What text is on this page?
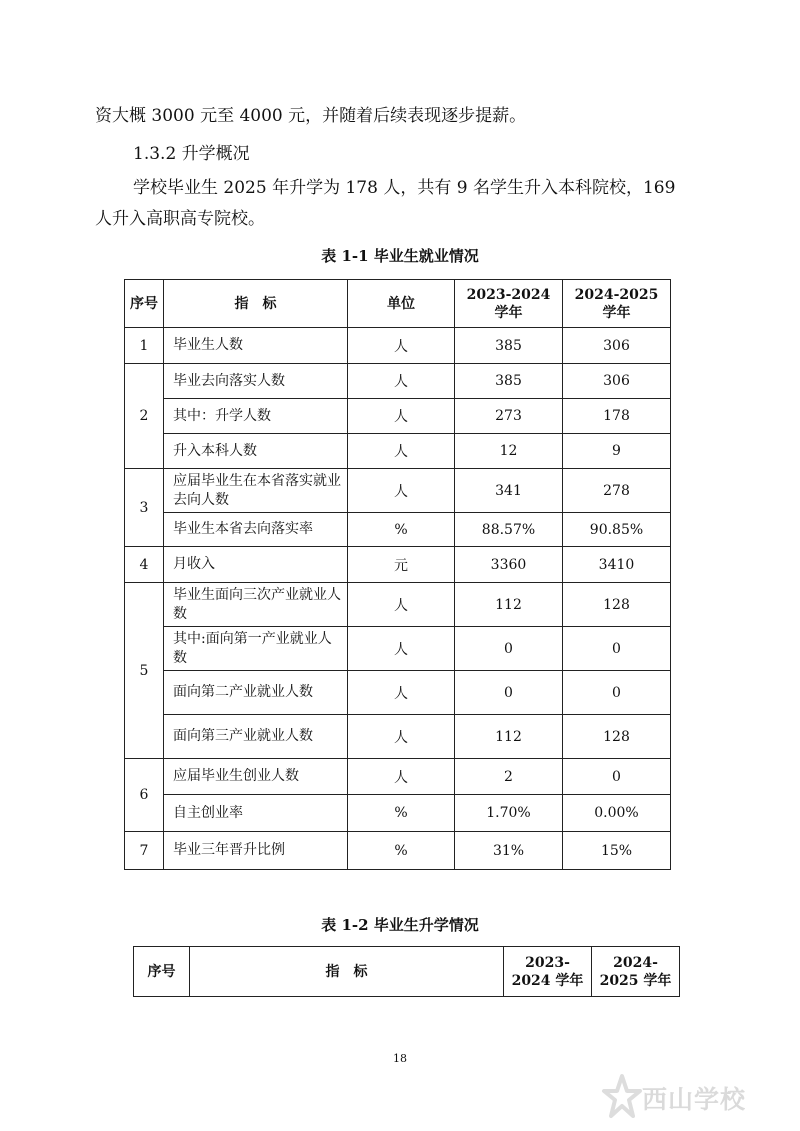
资大概 3000 元至 4000 元，并随着后续表现逐步提薪。

1.3.2 升学概况

学校毕业生 2025 年升学为 178 人，共有 9 名学生升入本科院校，169

人升入高职高专院校。

表 1-1 毕业生就业情况

序号	指　标	单位	2023-2024 学年	2024-2025 学年
1	毕业生人数	人	385	306
2	毕业去向落实人数	人	385	306
	其中：升学人数	人	273	178
	升入本科人数	人	12	9
3	应届毕业生在本省落实就业去向人数	人	341	278
	毕业生本省去向落实率	%	88.57%	90.85%
4	月收入	元	3360	3410
5	毕业生面向三次产业就业人数	人	112	128
	其中:面向第一产业就业人数	人	0	0
	面向第二产业就业人数	人	0	0
	面向第三产业就业人数	人	112	128
6	应届毕业生创业人数	人	2	0
	自主创业率	%	1.70%	0.00%
7	毕业三年晋升比例	%	31%	15%

表 1-2 毕业生升学情况

序号	指　标	2023-2024 学年	2024-2025 学年
18
西山学校
